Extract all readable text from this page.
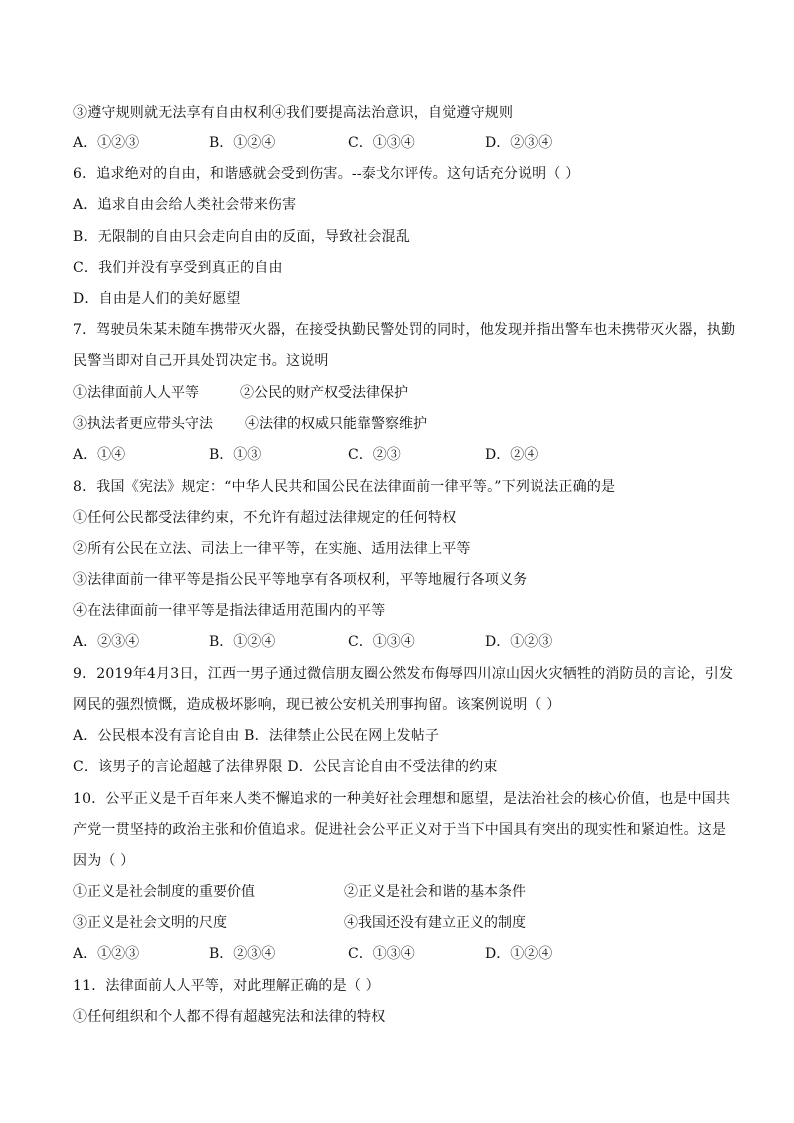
③遵守规则就无法享有自由权利④我们要提高法治意识，自觉遵守规则
A．①②③	B．①②④	C．①③④	D．②③④
6．追求绝对的自由，和谐感就会受到伤害。--泰戈尔评传。这句话充分说明（ ）
A．追求自由会给人类社会带来伤害
B．无限制的自由只会走向自由的反面，导致社会混乱
C．我们并没有享受到真正的自由
D．自由是人们的美好愿望
7．驾驶员朱某未随车携带灭火器，在接受执勤民警处罚的同时，他发现并指出警车也未携带灭火器，执勤
民警当即对自己开具处罚决定书。这说明
①法律面前人人平等	②公民的财产权受法律保护
③执法者更应带头守法 ④法律的权威只能靠警察维护
A．①④	B．①③	C．②③	D．②④
8．我国《宪法》规定：“中华人民共和国公民在法律面前一律平等。”下列说法正确的是
①任何公民都受法律约束，不允许有超过法律规定的任何特权
②所有公民在立法、司法上一律平等，在实施、适用法律上平等
③法律面前一律平等是指公民平等地享有各项权利，平等地履行各项义务
④在法律面前一律平等是指法律适用范围内的平等
A．②③④	B．①②④	C．①③④	D．①②③
9．2019年4月3日，江西一男子通过微信朋友圈公然发布侮辱四川凉山因火灾牺牲的消防员的言论，引发
网民的强烈愤慨，造成极坏影响，现已被公安机关刑事拘留。该案例说明（ ）
A．公民根本没有言论自由 B．法律禁止公民在网上发帖子
C．该男子的言论超越了法律界限 D．公民言论自由不受法律的约束
10．公平正义是千百年来人类不懈追求的一种美好社会理想和愿望，是法治社会的核心价值，也是中国共
产党一贯坚持的政治主张和价值追求。促进社会公平正义对于当下中国具有突出的现实性和紧迫性。这是
因为（ ）
①正义是社会制度的重要价值	②正义是社会和谐的基本条件
③正义是社会文明的尺度	④我国还没有建立正义的制度
A．①②③	B．②③④	C．①③④	D．①②④
11．法律面前人人平等，对此理解正确的是（ ）
①任何组织和个人都不得有超越宪法和法律的特权
